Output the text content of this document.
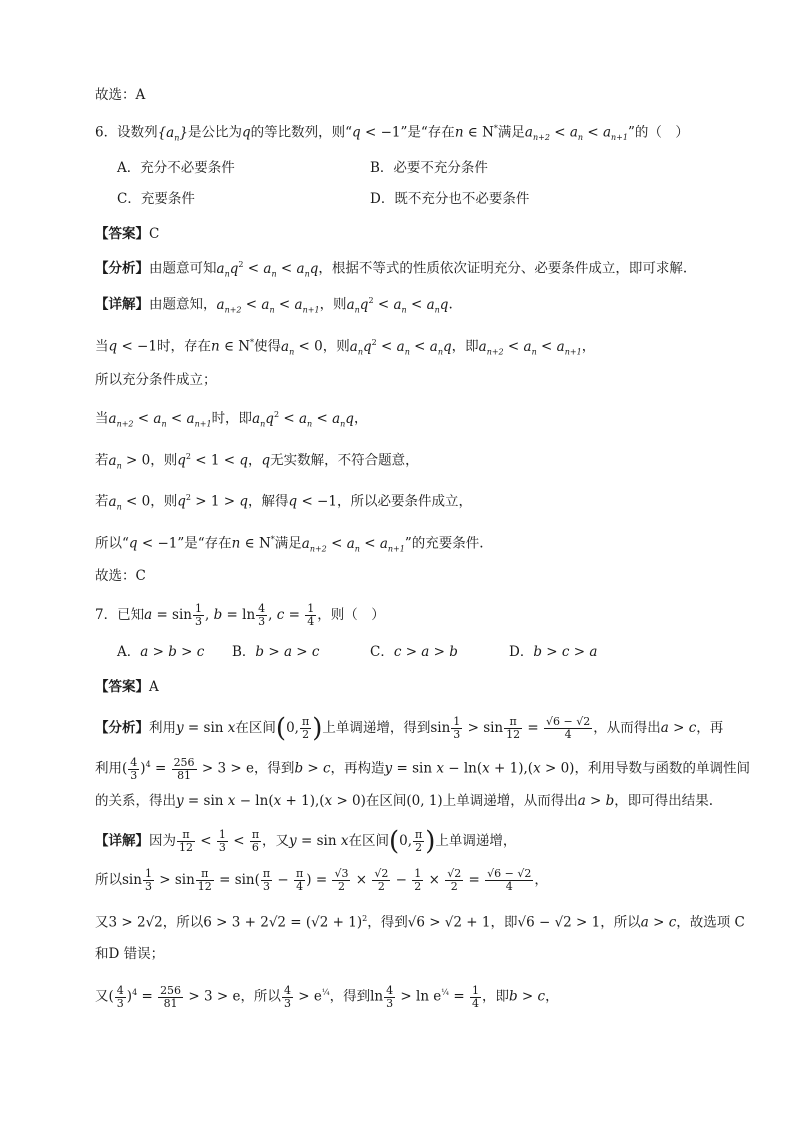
故选：A
6．设数列$\{a_n\}$是公比为q的等比数列，则“q < −1”是“存在n ∈ N*满足$a_{n+2} < a_n < a_{n+1}$”的（　）
A．充分不必要条件	B．必要不充分条件
C．充要条件	D．既不充分也不必要条件
【答案】C
【分析】由题意可知$a_nq^2 < a_n < a_nq$，根据不等式的性质依次证明充分、必要条件成立，即可求解.
【详解】由题意知，$a_{n+2} < a_n < a_{n+1}$，则$a_nq^2 < a_n < a_nq$.
当q < −1时，存在n ∈ N*使得$a_n < 0$，则$a_nq^2 < a_n < a_nq$，即$a_{n+2} < a_n < a_{n+1}$，
所以充分条件成立；
当$a_{n+2} < a_n < a_{n+1}$时，即$a_nq^2 < a_n < a_nq$，
若$a_n > 0$，则$q^2 < 1 < q$，q无实数解，不符合题意，
若$a_n < 0$，则$q^2 > 1 > q$，解得q < −1，所以必要条件成立，
所以“q < −1”是“存在n ∈ N*满足$a_{n+2} < a_n < a_{n+1}$”的充要条件.
故选：C
7．已知$a = \sin \frac{1}{3}$ , $b = \ln \frac{4}{3}$ , $c = \frac{1}{4}$ ，则（　）
A．a > b > c B．b > a > c	C．c > a > b	D．b > c > a
【答案】A
【分析】利用y = sin x在区间(0, $\frac{\pi}{2}$ )上单调递增，得到$\sin \frac{1}{3} > \sin \frac{\pi}{12} = \frac{√6 - √2}{4}$ ，从而得出a > c，再
利用( $\frac{4}{3} )^4 = \frac{256}{81} > 3 > e$，得到b > c，再构造y = sin x − ln(x + 1),(x > 0)，利用导数与函数的单调性间
的关系，得出y = sin x − ln(x + 1),(x > 0)在区间(0, 1)上单调递增，从而得出a > b，即可得出结果.
【详解】因为 $\frac{\pi}{12} < \frac{1}{3} < \frac{\pi}{6}$ ，又y = sin x在区间(0, $\frac{\pi}{2}$ )上单调递增，
所以$\sin \frac{1}{3} > \sin \frac{\pi}{12} = \sin( \frac{\pi}{3} - \frac{\pi}{4}$ ) = $\frac{√3}{2} \times \frac{√2}{2} - \frac{1}{2} \times \frac{√2}{2} = \frac{√6 - √2}{4}$ ，
又3 > 2√2，所以$6 > 3 + 2√2 = (√2 + 1)^2$，得到√6 > √2 + 1，即√6 − √2 > 1，所以a > c，故选项 C
和D 错误；
又( $\frac{4}{3} )^4 = \frac{256}{81} > 3 > e$，所以 $\frac{4}{3} > e^{\frac{1}{4}}$，得到$\ln \frac{4}{3} > \ln e^{\frac{1}{4}} = \frac{1}{4}$ ，即b > c，
